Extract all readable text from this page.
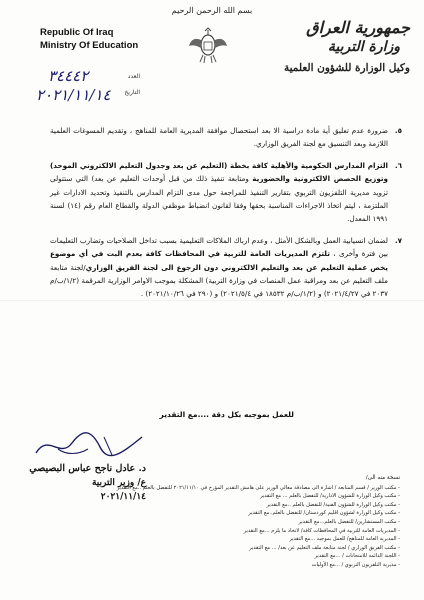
بسم الله الرحمن الرحيم
Republic Of Iraq
Ministry Of Education
جمهورية العراق
وزارة التربية
وكيل الوزارة للشؤون العلمية
العدد
٣٤٤٤٢
التاريخ
٢٠٢١/١١/١٤
٥.
ضرورة عدم تعليق أية مادة دراسية الا بعد استحصال موافقة المديرية العامة للمناهج ، وتقديم المسوغات العلمية اللازمة وبعد التنسيق مع لجنة الفريق الوزاري.
٦.
التزام المدارس الحكومية والأهلية كافة بخطة (التعليم عن بعد وجدول التعليم الالكتروني الموحد) وتوزيع الحصص الالكترونية والحضورية ومتابعة تنفيذ ذلك من قبل أوحدات التعليم عن بعد) التي ستتولى تزويد مديرية التلفزيون التربوي بتقارير التنفيذ للمراجعة حول مدى التزام المدارس بالتنفيذ وتحديد الادارات غير الملتزمة ، ليتم اتخاذ الاجراءات المناسبة بحقها وفقا لقانون انضباط موظفي الدولة والقطاع العام رقم (١٤) لسنة ١٩٩١ المعدل.
٧.
لضمان انسيابية العمل وبالشكل الأمثل ، وعدم ارباك الملاكات التعليمية بسبب تداخل الصلاحيات وتضارب التعليمات بين فترة وأخرى ، تلتزم المديريات العامة للتربية في المحافظات كافة بعدم البت في أي موضوع يخص عملية التعليم عن بعد والتعليم الالكتروني دون الرجوع الى لجنة الفريق الوزاري/لجنة متابعة ملف التعليم عن بعد ومراقبة عمل المنصات في وزارة التربية) المشكلة بموجب الاوامر الوزارية المرقمة (١/٢/ب/م ٢٠٣٧ في ٢٠٢١/٤/٢٧) و (١/٢/ب/م ١٨٥٣٢ في ٢٠٢١/٥/٤) و (٢٩٠ في ٢٠٢١/١٠/٢٦) .
للعمل بموجبه بكل دقة ....مع التقدير
د. عادل ناجح عباس البصيصي
ع/ وزير التربية
٢٠٢١/١١/١٤
نسخة منه الى/
- مكتب الوزير / قسم المتابعة / اشارة الى مصادقة معالي الوزير على هامش التقدير المؤرخ في ٢٠٢١/١١/١٠ للتفضل بالعلم ..مع التقدير
- مكتب وكيل الوزارة للشؤون الادارية/ للتفضل بالعلم ... مع التقدير
- مكتب وكيل الوزارة للشؤون الفنية/ للتفضل بالعلم ..مع التقدير
- مكتب وكيل الوزارة لشؤون اقليم كوردستان/ للتفضل بالعلم..مع التقدير
- مكتب المستشارين/ للتفضل بالعلم...مع التقدير
- المديريات العامة للتربية في المحافظات كافة/ لاتخاذ ما يلزم ...مع التقدير
- المديرية العامة للمناهج/ للعمل بموجبه ...مع التقدير
- مكتب الفريق الوزاري / لجنة متابعة ملف التعليم عن بعد/ ... مع التقدير
- اللجنة الدائمة للامتحانات / ...مع التقدير
- مديرية التلفزيون التربوي / ...مع الأوليات
